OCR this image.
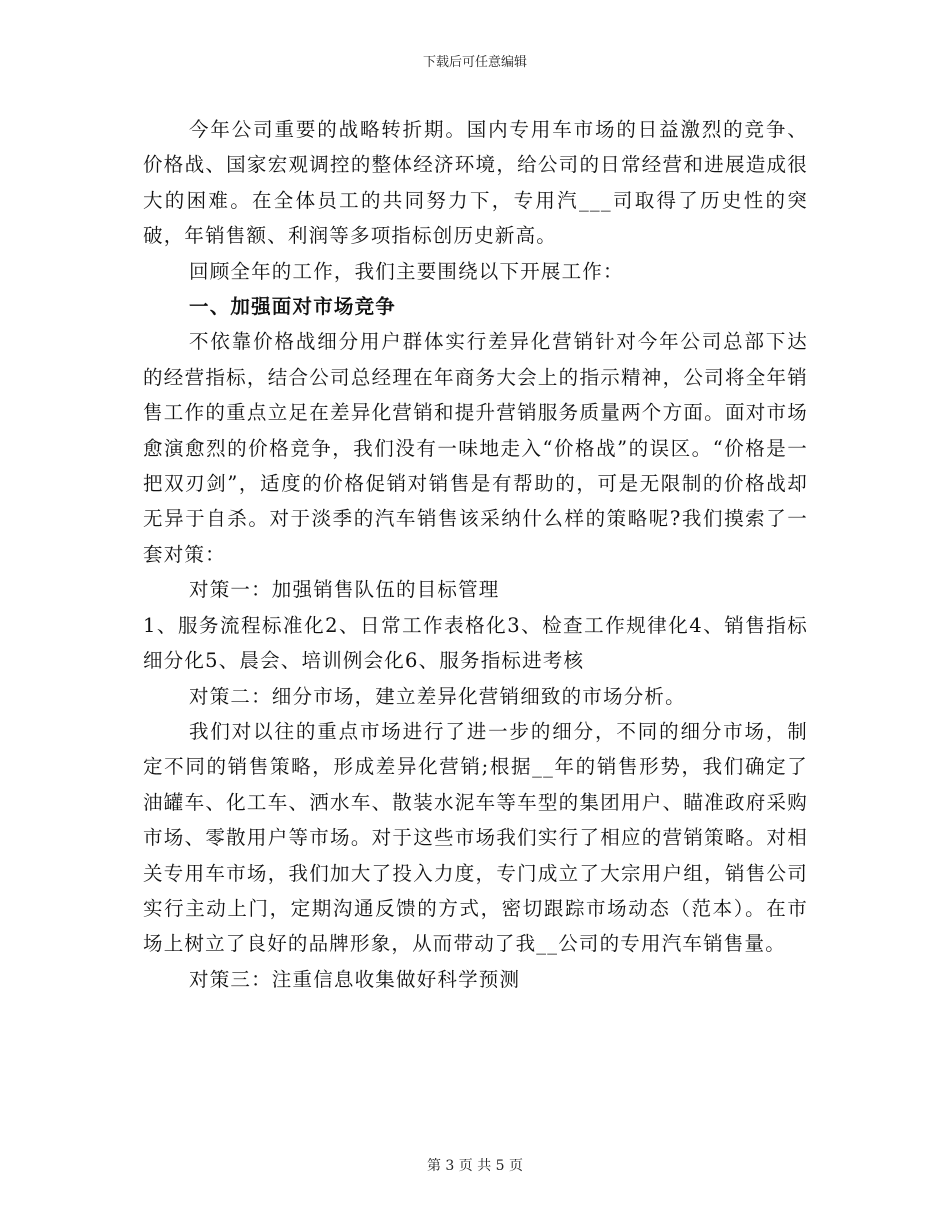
下载后可任意编辑

今年公司重要的战略转折期。国内专用车市场的日益激烈的竞争、价格战、国家宏观调控的整体经济环境，给公司的日常经营和进展造成很大的困难。在全体员工的共同努力下，专用汽___司取得了历史性的突破，年销售额、利润等多项指标创历史新高。

回顾全年的工作，我们主要围绕以下开展工作：

一、加强面对市场竞争

不依靠价格战细分用户群体实行差异化营销针对今年公司总部下达的经营指标，结合公司总经理在年商务大会上的指示精神，公司将全年销售工作的重点立足在差异化营销和提升营销服务质量两个方面。面对市场愈演愈烈的价格竞争，我们没有一味地走入“价格战”的误区。“价格是一把双刃剑”，适度的价格促销对销售是有帮助的，可是无限制的价格战却无异于自杀。对于淡季的汽车销售该采纳什么样的策略呢?我们摸索了一套对策：

对策一：加强销售队伍的目标管理

1、服务流程标准化2、日常工作表格化3、检查工作规律化4、销售指标细分化5、晨会、培训例会化6、服务指标进考核

对策二：细分市场，建立差异化营销细致的市场分析。

我们对以往的重点市场进行了进一步的细分，不同的细分市场，制定不同的销售策略，形成差异化营销;根据__年的销售形势，我们确定了油罐车、化工车、洒水车、散装水泥车等车型的集团用户、瞄准政府采购市场、零散用户等市场。对于这些市场我们实行了相应的营销策略。对相关专用车市场，我们加大了投入力度，专门成立了大宗用户组，销售公司实行主动上门，定期沟通反馈的方式，密切跟踪市场动态（范本）。在市场上树立了良好的品牌形象，从而带动了我__公司的专用汽车销售量。

对策三：注重信息收集做好科学预测

第 3 页 共 5 页
